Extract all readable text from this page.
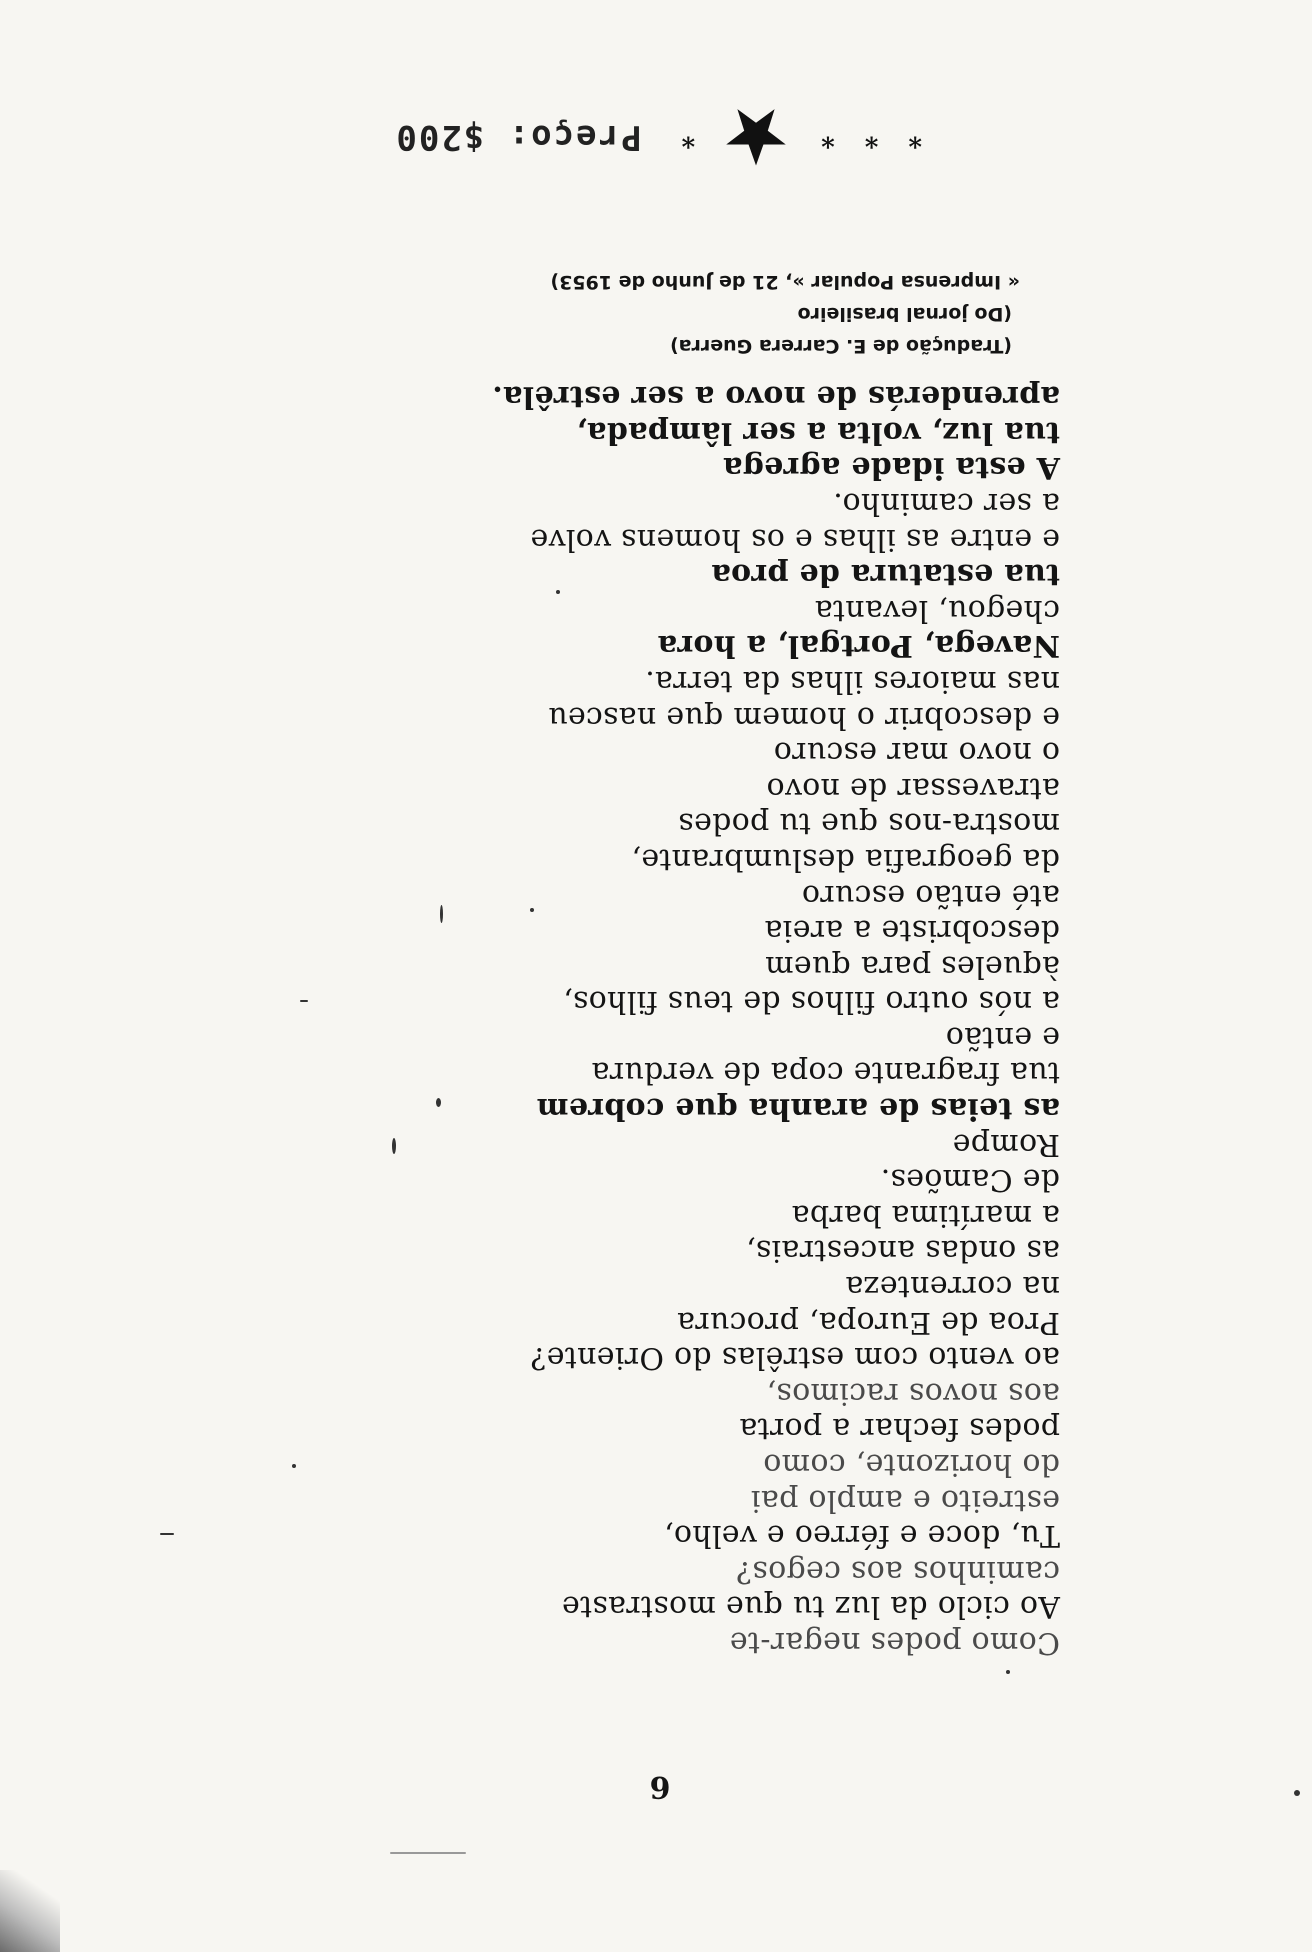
6
Como podes negar-te
Ao ciclo da luz tu que mostraste
caminhos aos cegos?
Tu, doce e férreo e velho,
estreito e amplo pai
do horizonte, como
podes fechar a porta
aos novos racimos,
ao vento com estrêlas do Oriente?
Proa de Europa, procura
na correnteza
as ondas ancestrais,
a marítima barba
de Camões.
Rompe
as teias de aranha que cobrem
tua fragrante copa de verdura
e então
a nós outro filhos de teus filhos,
àqueles para quem
descobriste a areia
até então escuro
da geografia deslumbrante,
mostra-nos que tu podes
atravessar de novo
o novo mar escuro
e descobrir o homem que nasceu
nas maiores ilhas da terra.
Navega, Portgal, a hora
chegou, levanta
tua estatura de proa
e entre as ilhas e os homens volve
a ser caminho.
A esta idade agrega
tua luz, volta a ser lâmpada,
aprenderás de novo a ser estrêla.
(Tradução de E. Carrera Guerra)
(Do jornal brasileiro
« Imprensa Popular », 21 de Junho de 1953)
*
*
*
*
Preço: $200
